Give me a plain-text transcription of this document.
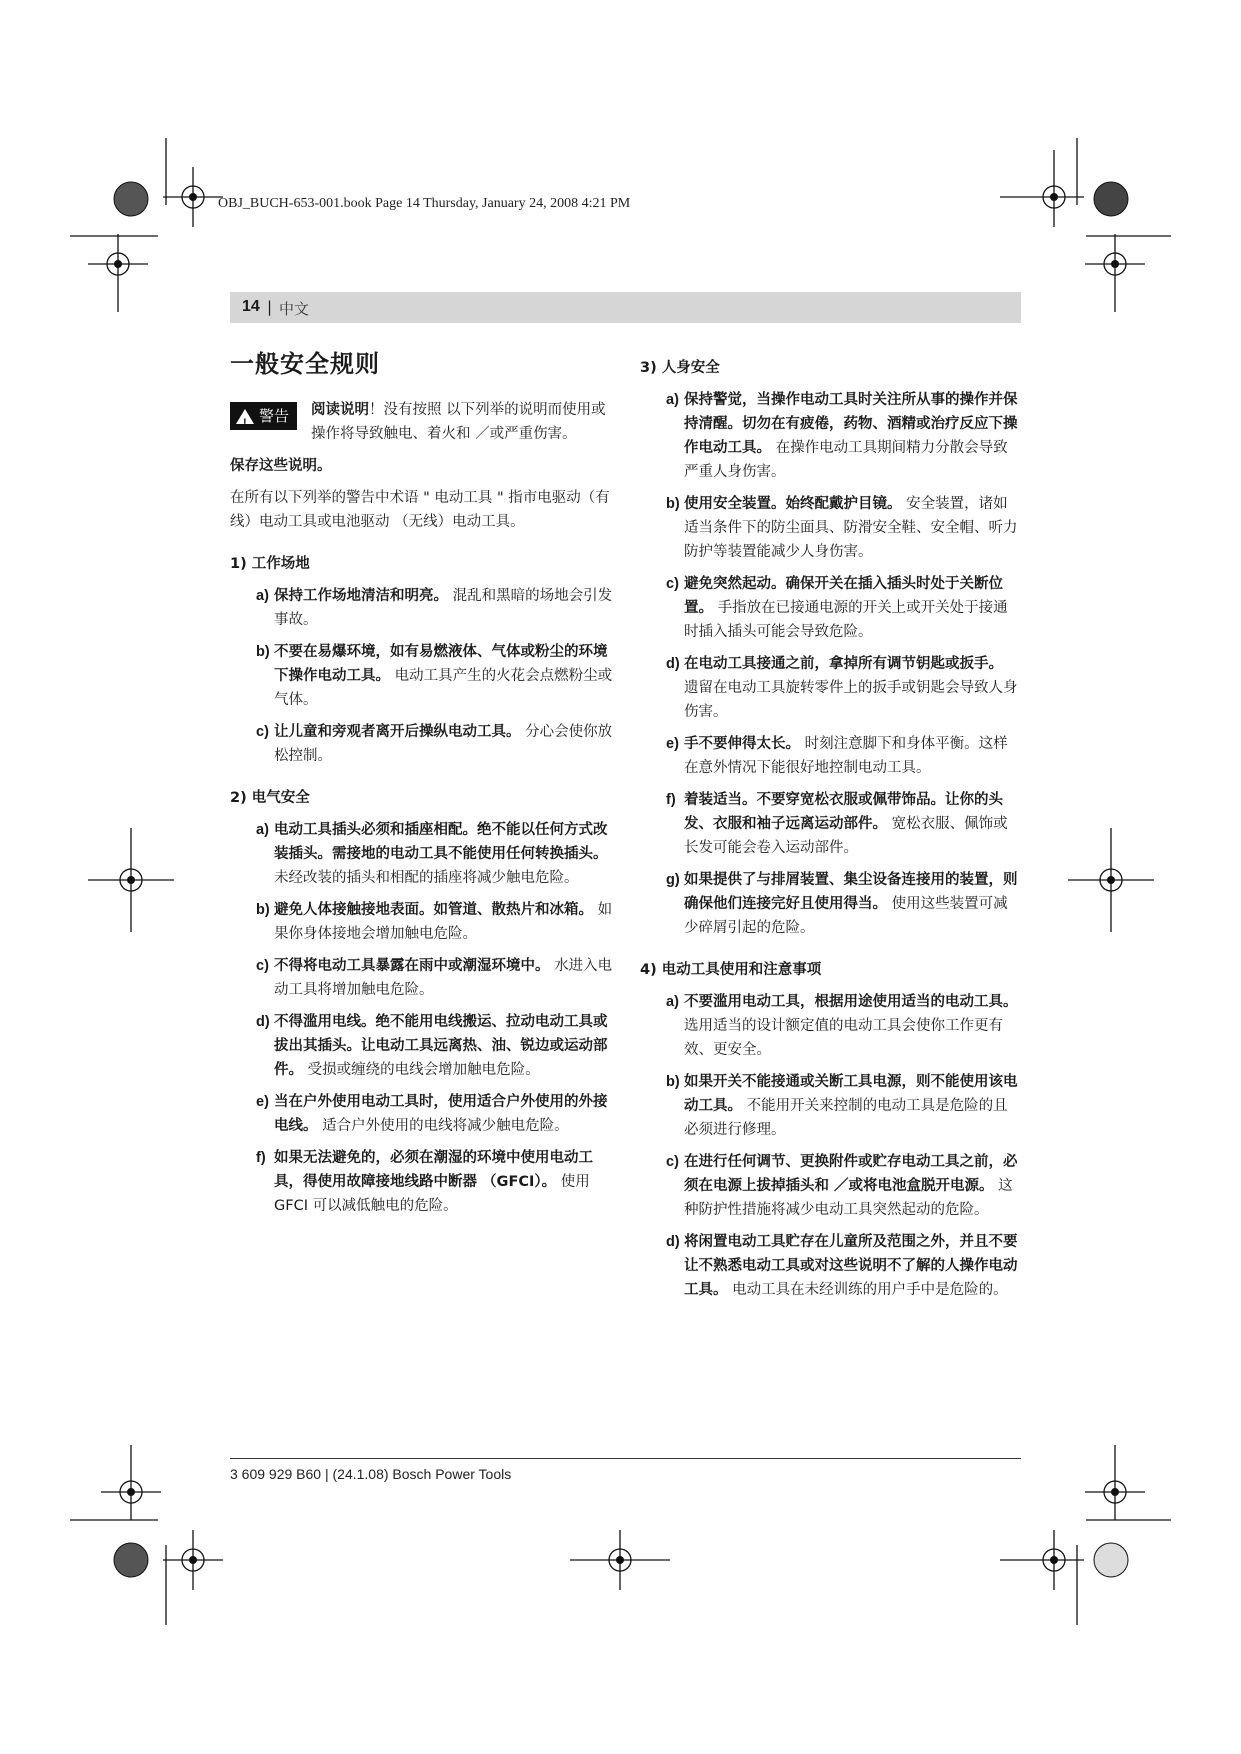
OBJ_BUCH-653-001.book Page 14 Thursday, January 24, 2008 4:21 PM
14 | 中文
一般安全规则
!
警告 阅读说明！没有按照 以下列举的说明而使用或操作将导致触电、着火和 ／或严重伤害。

保存这些说明。

在所有以下列举的警告中术语 " 电动工具 " 指市电驱动（有线）电动工具或电池驱动 （无线）电动工具。

1) 工作场地
a) 保持工作场地清洁和明亮。 混乱和黑暗的场地会引发事故。

b) 不要在易爆环境，如有易燃液体、气体或粉尘的环境下操作电动工具。 电动工具产生的火花会点燃粉尘或气体。

c) 让儿童和旁观者离开后操纵电动工具。 分心会使你放松控制。

2) 电气安全
a) 电动工具插头必须和插座相配。绝不能以任何方式改装插头。需接地的电动工具不能使用任何转换插头。 未经改装的插头和相配的插座将减少触电危险。

b) 避免人体接触接地表面。如管道、散热片和冰箱。 如果你身体接地会增加触电危险。

c) 不得将电动工具暴露在雨中或潮湿环境中。 水进入电动工具将增加触电危险。

d) 不得滥用电线。绝不能用电线搬运、拉动电动工具或拔出其插头。让电动工具远离热、油、锐边或运动部件。 受损或缠绕的电线会增加触电危险。

e) 当在户外使用电动工具时，使用适合户外使用的外接电线。 适合户外使用的电线将减少触电危险。

f) 如果无法避免的，必须在潮湿的环境中使用电动工具，得使用故障接地线路中断器 （GFCI）。 使用 GFCI 可以减低触电的危险。

3) 人身安全
a) 保持警觉，当操作电动工具时关注所从事的操作并保持清醒。切勿在有疲倦，药物、酒精或治疗反应下操作电动工具。 在操作电动工具期间精力分散会导致严重人身伤害。

b) 使用安全装置。始终配戴护目镜。 安全装置，诸如适当条件下的防尘面具、防滑安全鞋、安全帽、听力防护等装置能减少人身伤害。

c) 避免突然起动。确保开关在插入插头时处于关断位置。 手指放在已接通电源的开关上或开关处于接通时插入插头可能会导致危险。

d) 在电动工具接通之前，拿掉所有调节钥匙或扳手。 遗留在电动工具旋转零件上的扳手或钥匙会导致人身伤害。

e) 手不要伸得太长。 时刻注意脚下和身体平衡。这样在意外情况下能很好地控制电动工具。

f) 着装适当。不要穿宽松衣服或佩带饰品。让你的头发、衣服和袖子远离运动部件。 宽松衣服、佩饰或长发可能会卷入运动部件。

g) 如果提供了与排屑装置、集尘设备连接用的装置，则确保他们连接完好且使用得当。 使用这些装置可减少碎屑引起的危险。

4) 电动工具使用和注意事项
a) 不要滥用电动工具，根据用途使用适当的电动工具。 选用适当的设计额定值的电动工具会使你工作更有效、更安全。

b) 如果开关不能接通或关断工具电源，则不能使用该电动工具。 不能用开关来控制的电动工具是危险的且必须进行修理。

c) 在进行任何调节、更换附件或贮存电动工具之前，必须在电源上拔掉插头和 ／或将电池盒脱开电源。 这种防护性措施将减少电动工具突然起动的危险。

d) 将闲置电动工具贮存在儿童所及范围之外，并且不要让不熟悉电动工具或对这些说明不了解的人操作电动工具。 电动工具在未经训练的用户手中是危险的。

3 609 929 B60 | (24.1.08) Bosch Power Tools
